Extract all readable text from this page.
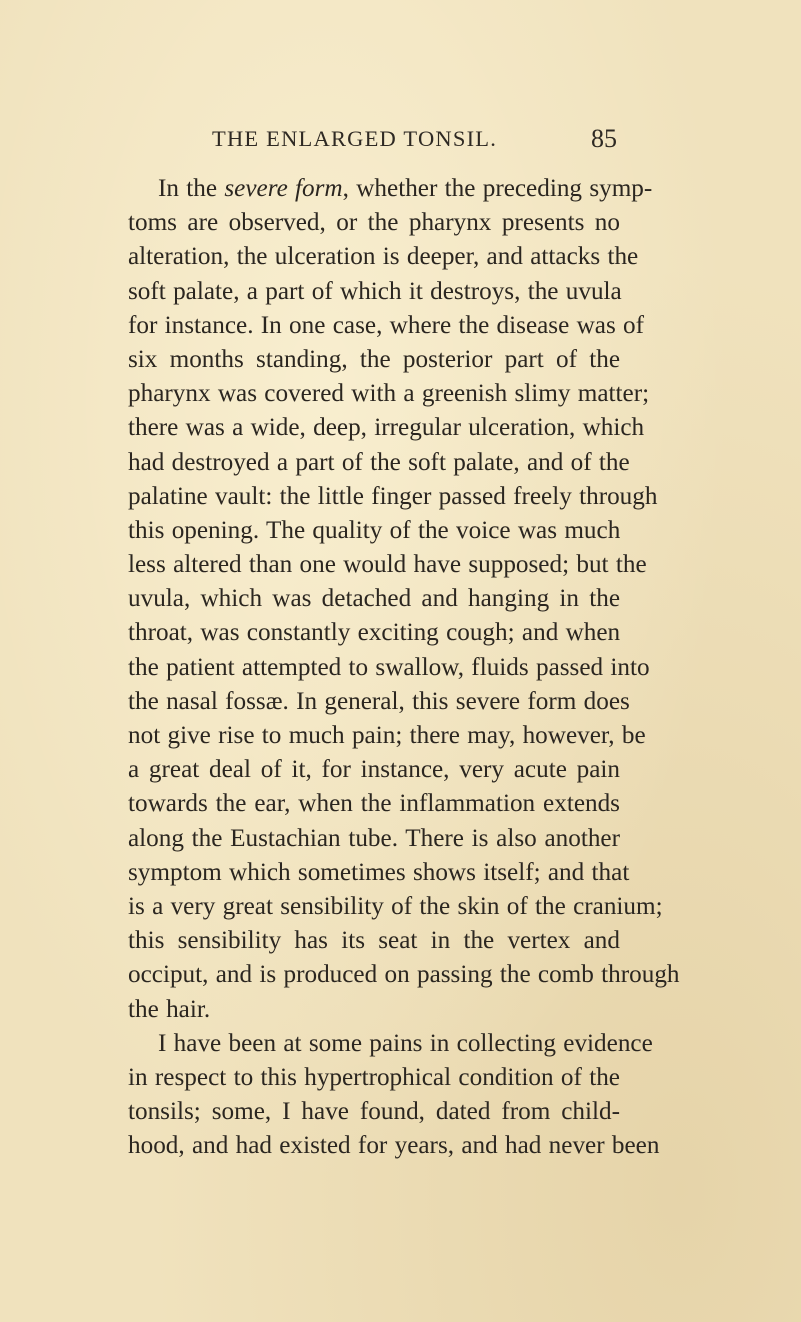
THE ENLARGED TONSIL.	85
In the severe form, whether the preceding symp-
toms are observed, or the pharynx presents no
alteration, the ulceration is deeper, and attacks the
soft palate, a part of which it destroys, the uvula
for instance. In one case, where the disease was of
six months standing, the posterior part of the
pharynx was covered with a greenish slimy matter;
there was a wide, deep, irregular ulceration, which
had destroyed a part of the soft palate, and of the
palatine vault: the little finger passed freely through
this opening. The quality of the voice was much
less altered than one would have supposed; but the
uvula, which was detached and hanging in the
throat, was constantly exciting cough; and when
the patient attempted to swallow, fluids passed into
the nasal fossæ. In general, this severe form does
not give rise to much pain; there may, however, be
a great deal of it, for instance, very acute pain
towards the ear, when the inflammation extends
along the Eustachian tube. There is also another
symptom which sometimes shows itself; and that
is a very great sensibility of the skin of the cranium;
this sensibility has its seat in the vertex and
occiput, and is produced on passing the comb through
the hair.
I have been at some pains in collecting evidence
in respect to this hypertrophical condition of the
tonsils; some, I have found, dated from child-
hood, and had existed for years, and had never been
